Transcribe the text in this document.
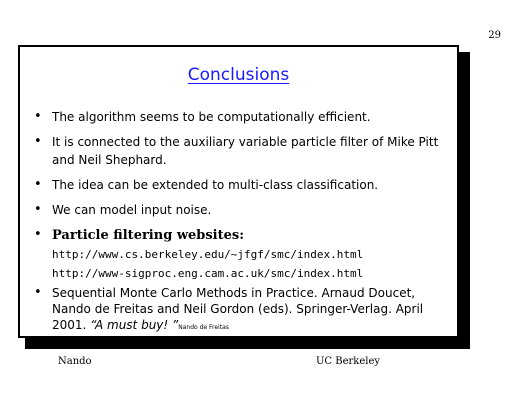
29
Conclusions
• The algorithm seems to be computationally efficient.
• It is connected to the auxiliary variable particle filter of Mike Pitt and Neil Shephard.
• The idea can be extended to multi-class classification.
• We can model input noise.
• Particle filtering websites:
http://www.cs.berkeley.edu/~jfgf/smc/index.html
http://www-sigproc.eng.cam.ac.uk/smc/index.html
• Sequential Monte Carlo Methods in Practice. Arnaud Doucet, Nando de Freitas and Neil Gordon (eds). Springer-Verlag. April 2001. “A must buy! ”Nando de Freitas
Nando	UC Berkeley
